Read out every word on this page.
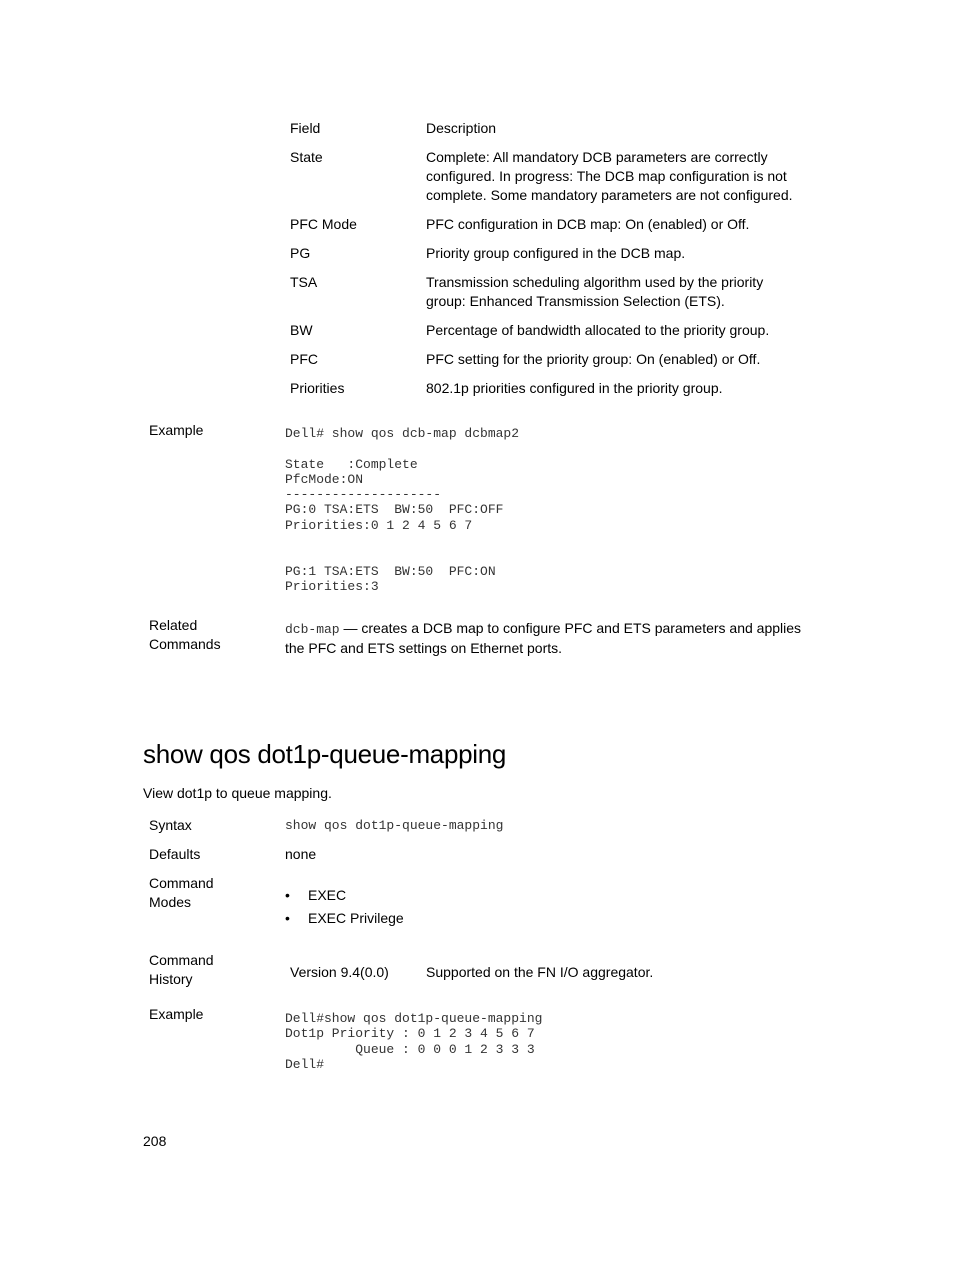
Field	Description
State	Complete: All mandatory DCB parameters are correctly configured. In progress: The DCB map configuration is not complete. Some mandatory parameters are not configured.
PFC Mode	PFC configuration in DCB map: On (enabled) or Off.
PG	Priority group configured in the DCB map.
TSA	Transmission scheduling algorithm used by the priority group: Enhanced Transmission Selection (ETS).
BW	Percentage of bandwidth allocated to the priority group.
PFC	PFC setting for the priority group: On (enabled) or Off.
Priorities	802.1p priorities configured in the priority group.
Example	Dell# show qos dcb-map dcbmap2

State   :Complete
PfcMode:ON
--------------------
PG:0 TSA:ETS  BW:50  PFC:OFF
Priorities:0 1 2 4 5 6 7

PG:1 TSA:ETS  BW:50  PFC:ON
Priorities:3
Related
Commands
dcb-map — creates a DCB map to configure PFC and ETS parameters and applies
the PFC and ETS settings on Ethernet ports.
show qos dot1p-queue-mapping
View dot1p to queue mapping.
Syntax	show qos dot1p-queue-mapping
Defaults	none
Command
Modes	• EXEC
• EXEC Privilege
Command
History	Version 9.4(0.0)	Supported on the FN I/O aggregator.
Example	Dell#show qos dot1p-queue-mapping
Dot1p Priority : 0 1 2 3 4 5 6 7
Queue : 0 0 0 1 2 3 3 3
Dell#
208
